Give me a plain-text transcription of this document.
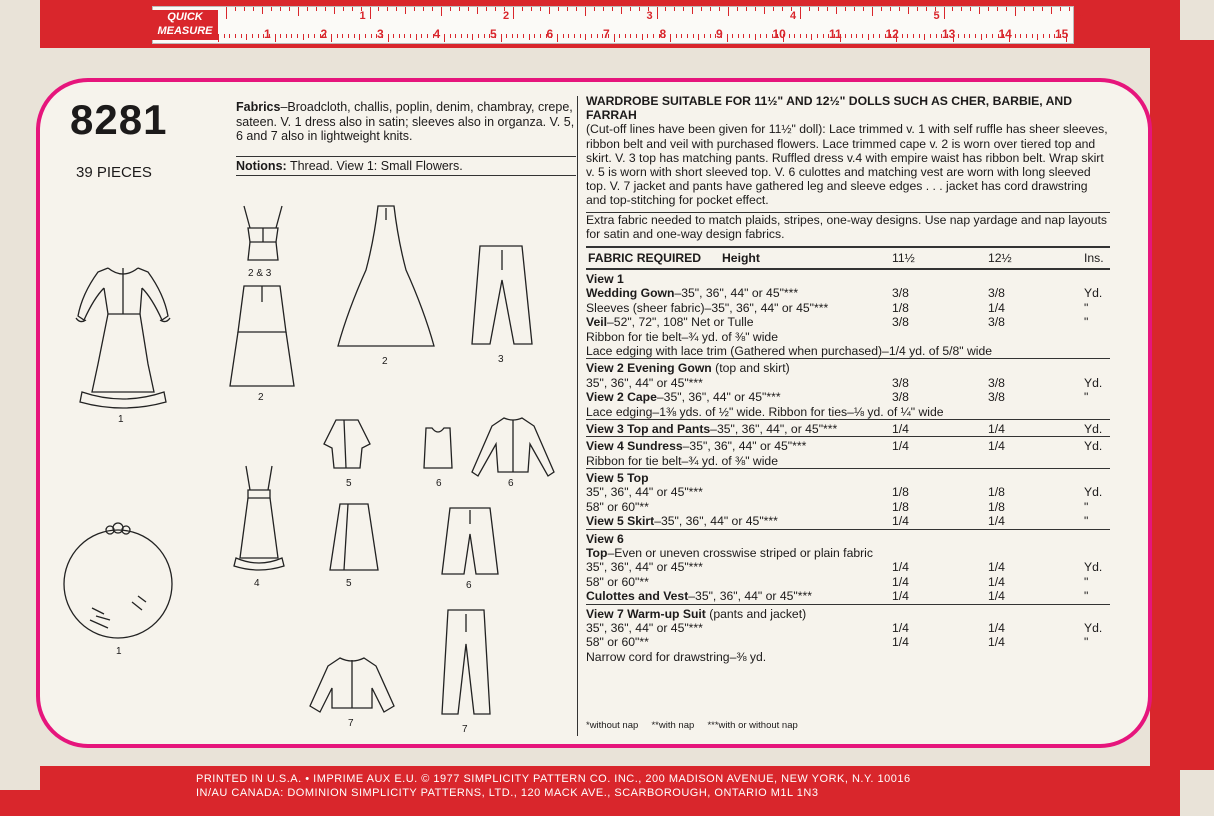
QUICK MEASURE
8281
39 PIECES
Fabrics–Broadcloth, challis, poplin, denim, chambray, crepe, sateen. V. 1 dress also in satin; sleeves also in organza. V. 5, 6 and 7 also in lightweight knits.
Notions: Thread. View 1: Small Flowers.
WARDROBE SUITABLE FOR 11½" AND 12½" DOLLS SUCH AS CHER, BARBIE, AND FARRAH
(Cut-off lines have been given for 11½" doll): Lace trimmed v. 1 with self ruffle has sheer sleeves, ribbon belt and veil with purchased flowers. Lace trimmed cape v. 2 is worn over tiered top and skirt. V. 3 top has matching pants. Ruffled dress v.4 with empire waist has ribbon belt. Wrap skirt v. 5 is worn with short sleeved top. V. 6 culottes and matching vest are worn with long sleeved top. V. 7 jacket and pants have gathered leg and sleeve edges . . . jacket has cord drawstring and top-stitching for pocket effect.
Extra fabric needed to match plaids, stripes, one-way designs. Use nap yardage and nap layouts for satin and one-way design fabrics.
FABRIC REQUIRED Height	11½	12½	Ins.
View 1
Wedding Gown–35", 36", 44" or 45"***	3/8	3/8	Yd.
Sleeves (sheer fabric)–35", 36", 44" or 45"***	1/8	1/4	"
Veil–52", 72", 108" Net or Tulle	3/8	3/8	"
Ribbon for tie belt–¾ yd. of ⅜" wide
Lace edging with lace trim (Gathered when purchased)–1/4 yd. of 5/8" wide
View 2 Evening Gown (top and skirt)
35", 36", 44" or 45"***	3/8	3/8	Yd.
View 2 Cape–35", 36", 44" or 45"***	3/8	3/8	"
Lace edging–1⅜ yds. of ½" wide. Ribbon for ties–⅛ yd. of ¼" wide
View 3 Top and Pants–35", 36", 44", or 45"***	1/4	1/4	Yd.
View 4 Sundress–35", 36", 44" or 45"***	1/4	1/4	Yd.
Ribbon for tie belt–¾ yd. of ⅜" wide
View 5 Top
35", 36", 44" or 45"***	1/8	1/8	Yd.
58" or 60"**	1/8	1/8	"
View 5 Skirt–35", 36", 44" or 45"***	1/4	1/4	"
View 6
Top–Even or uneven crosswise striped or plain fabric
35", 36", 44" or 45"***	1/4	1/4	Yd.
58" or 60"**	1/4	1/4	"
Culottes and Vest–35", 36", 44" or 45"***	1/4	1/4	"
View 7 Warm-up Suit (pants and jacket)
35", 36", 44" or 45"***	1/4	1/4	Yd.
58" or 60"**	1/4	1/4	"
Narrow cord for drawstring–⅜ yd.
*without nap     **with nap     ***with or without nap
PRINTED IN U.S.A. • IMPRIME AUX E.U. © 1977 SIMPLICITY PATTERN CO. INC., 200 MADISON AVENUE, NEW YORK, N.Y. 10016
IN/AU CANADA: DOMINION SIMPLICITY PATTERNS, LTD., 120 MACK AVE., SCARBOROUGH, ONTARIO M1L 1N3
1
2 & 3
2
2	3
5	6	6
4	5	6
1
7
7
1	2	3	4	5	6	7	8	9	10	11	12	13	14	15
1	2	3	4	5	6
